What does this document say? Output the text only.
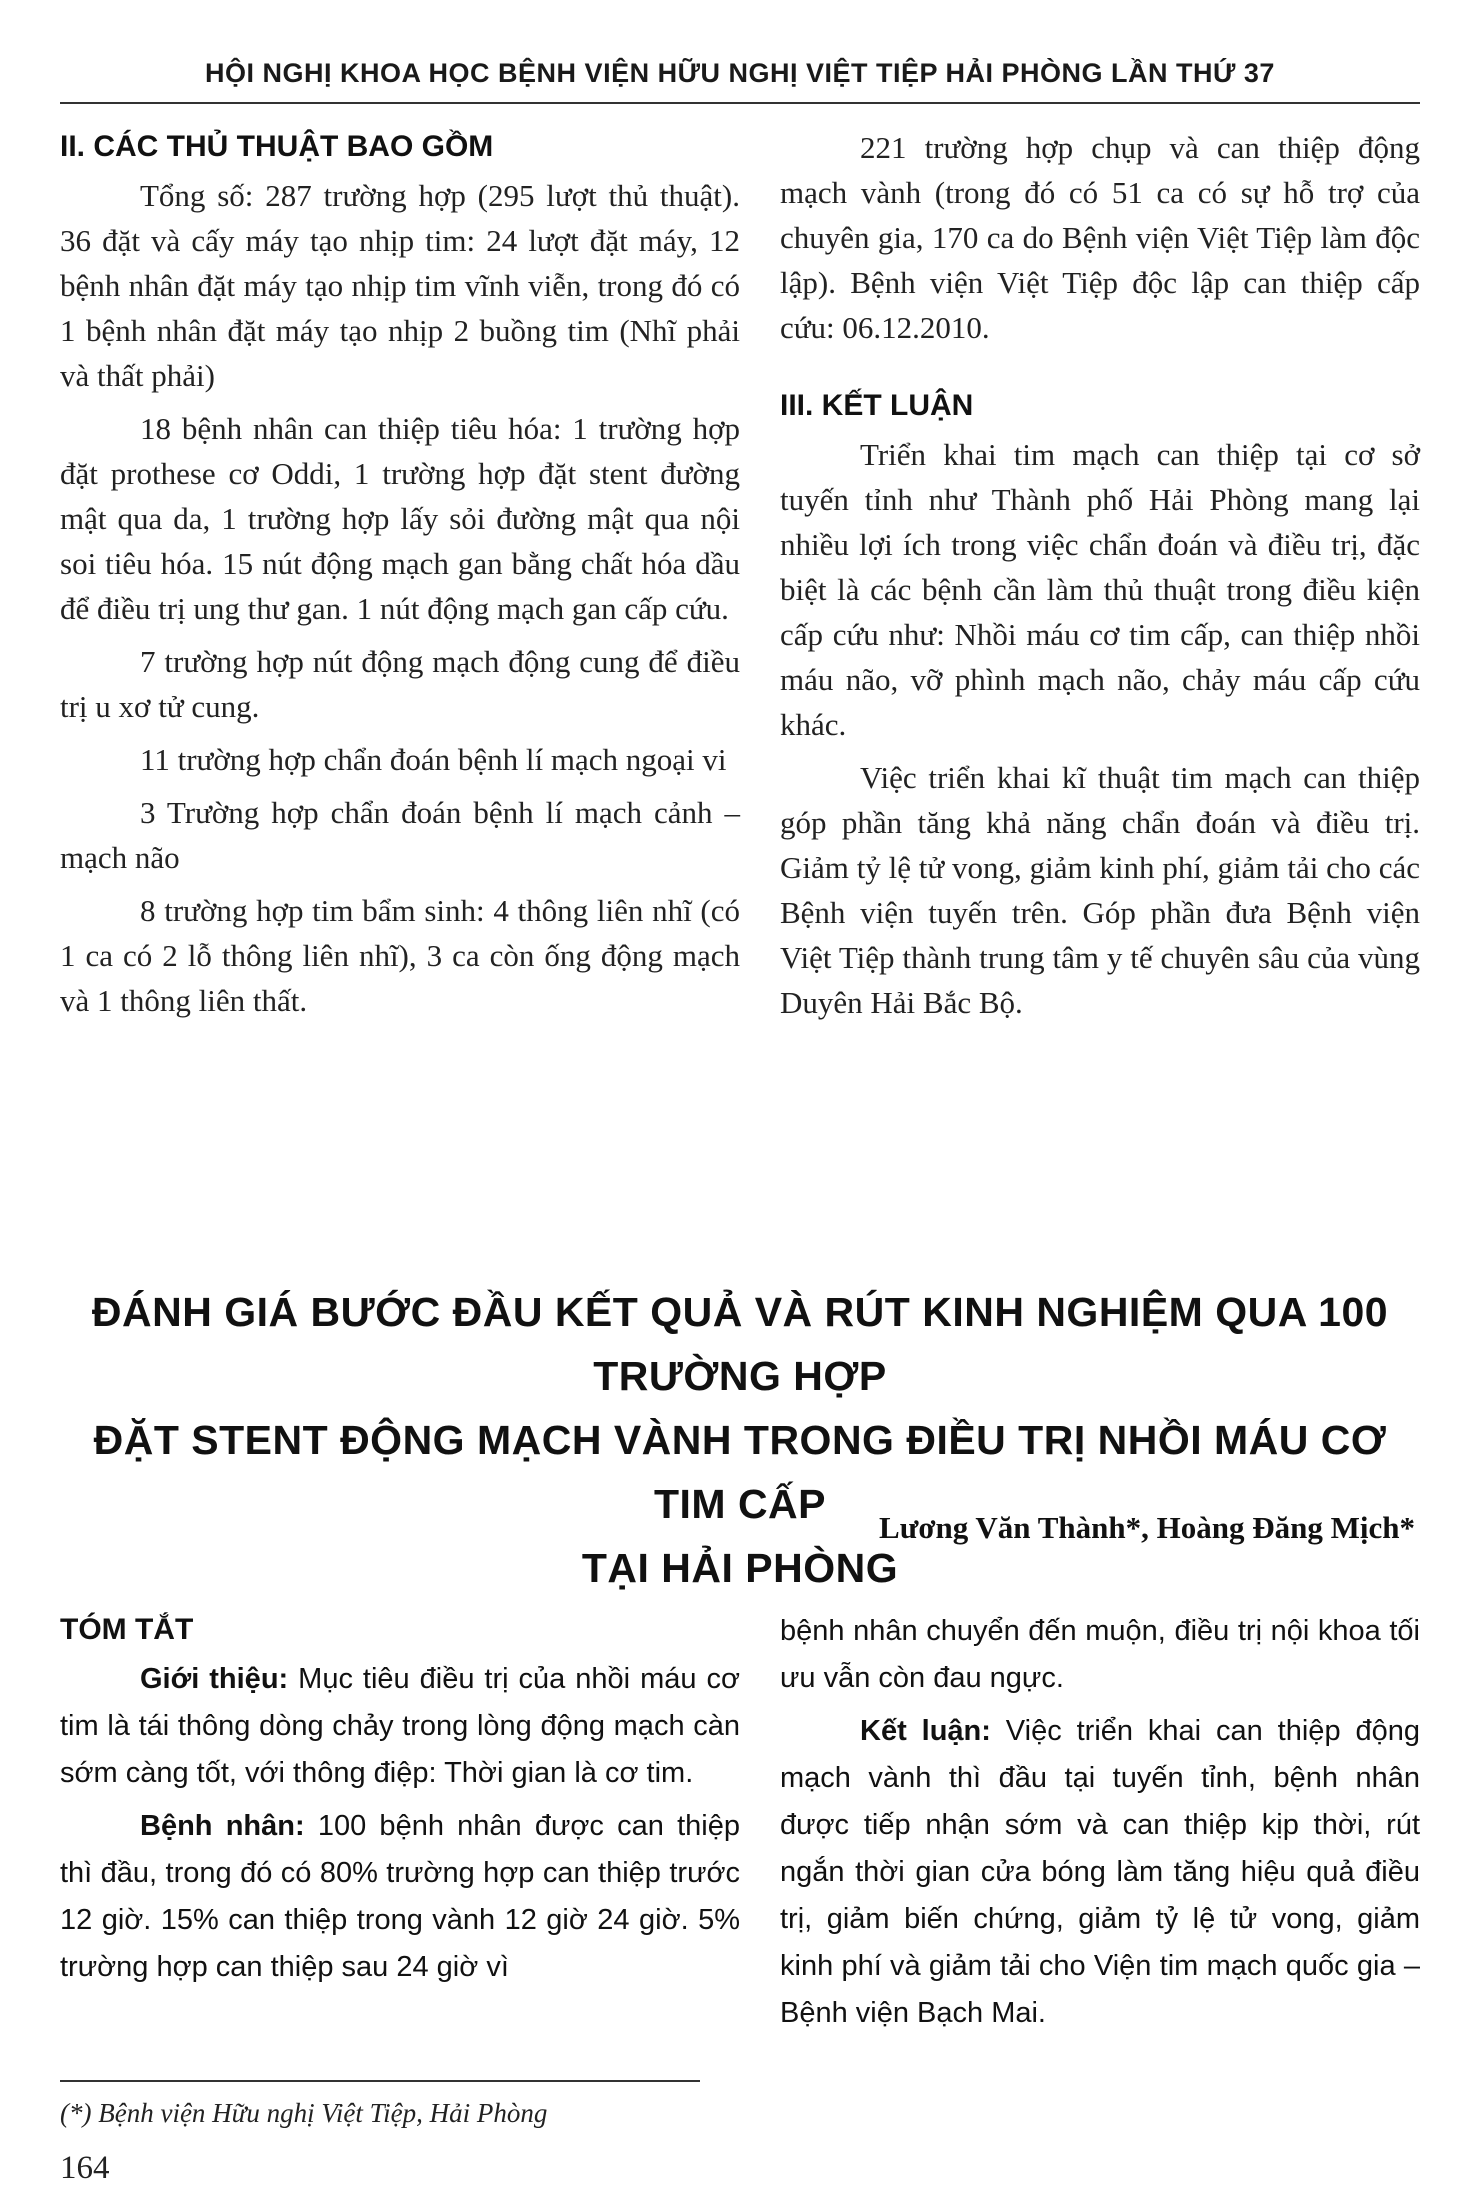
HỘI NGHỊ KHOA HỌC BỆNH VIỆN HỮU NGHỊ VIỆT TIỆP HẢI PHÒNG LẦN THỨ 37
II. CÁC THỦ THUẬT BAO GỒM

Tổng số: 287 trường hợp (295 lượt thủ thuật). 36 đặt và cấy máy tạo nhịp tim: 24 lượt đặt máy, 12 bệnh nhân đặt máy tạo nhịp tim vĩnh viễn, trong đó có 1 bệnh nhân đặt máy tạo nhịp 2 buồng tim (Nhĩ phải và thất phải)

18 bệnh nhân can thiệp tiêu hóa: 1 trường hợp đặt prothese cơ Oddi, 1 trường hợp đặt stent đường mật qua da, 1 trường hợp lấy sỏi đường mật qua nội soi tiêu hóa. 15 nút động mạch gan bằng chất hóa dầu để điều trị ung thư gan. 1 nút động mạch gan cấp cứu.

7 trường hợp nút động mạch động cung để điều trị u xơ tử cung.

11 trường hợp chẩn đoán bệnh lí mạch ngoại vi

3 Trường hợp chẩn đoán bệnh lí mạch cảnh – mạch não

8 trường hợp tim bẩm sinh: 4 thông liên nhĩ (có 1 ca có 2 lỗ thông liên nhĩ), 3 ca còn ống động mạch và 1 thông liên thất.

221 trường hợp chụp và can thiệp động mạch vành (trong đó có 51 ca có sự hỗ trợ của chuyên gia, 170 ca do Bệnh viện Việt Tiệp làm độc lập). Bệnh viện Việt Tiệp độc lập can thiệp cấp cứu: 06.12.2010.

III. KẾT LUẬN

Triển khai tim mạch can thiệp tại cơ sở tuyến tỉnh như Thành phố Hải Phòng mang lại nhiều lợi ích trong việc chẩn đoán và điều trị, đặc biệt là các bệnh cần làm thủ thuật trong điều kiện cấp cứu như: Nhồi máu cơ tim cấp, can thiệp nhồi máu não, vỡ phình mạch não, chảy máu cấp cứu khác.

Việc triển khai kĩ thuật tim mạch can thiệp góp phần tăng khả năng chẩn đoán và điều trị. Giảm tỷ lệ tử vong, giảm kinh phí, giảm tải cho các Bệnh viện tuyến trên. Góp phần đưa Bệnh viện Việt Tiệp thành trung tâm y tế chuyên sâu của vùng Duyên Hải Bắc Bộ.

ĐÁNH GIÁ BƯỚC ĐẦU KẾT QUẢ VÀ RÚT KINH NGHIỆM QUA 100 TRƯỜNG HỢP
ĐẶT STENT ĐỘNG MẠCH VÀNH TRONG ĐIỀU TRỊ NHỒI MÁU CƠ TIM CẤP
TẠI HẢI PHÒNG
Lương Văn Thành*, Hoàng Đăng Mịch*
TÓM TẮT

Giới thiệu: Mục tiêu điều trị của nhồi máu cơ tim là tái thông dòng chảy trong lòng động mạch càn sớm càng tốt, với thông điệp: Thời gian là cơ tim.

Bệnh nhân: 100 bệnh nhân được can thiệp thì đầu, trong đó có 80% trường hợp can thiệp trước 12 giờ. 15% can thiệp trong vành 12 giờ 24 giờ. 5% trường hợp can thiệp sau 24 giờ vì

bệnh nhân chuyển đến muộn, điều trị nội khoa tối ưu vẫn còn đau ngực.

Kết luận: Việc triển khai can thiệp động mạch vành thì đầu tại tuyến tỉnh, bệnh nhân được tiếp nhận sớm và can thiệp kịp thời, rút ngắn thời gian cửa bóng làm tăng hiệu quả điều trị, giảm biến chứng, giảm tỷ lệ tử vong, giảm kinh phí và giảm tải cho Viện tim mạch quốc gia – Bệnh viện Bạch Mai.

(*) Bệnh viện Hữu nghị Việt Tiệp, Hải Phòng
164
